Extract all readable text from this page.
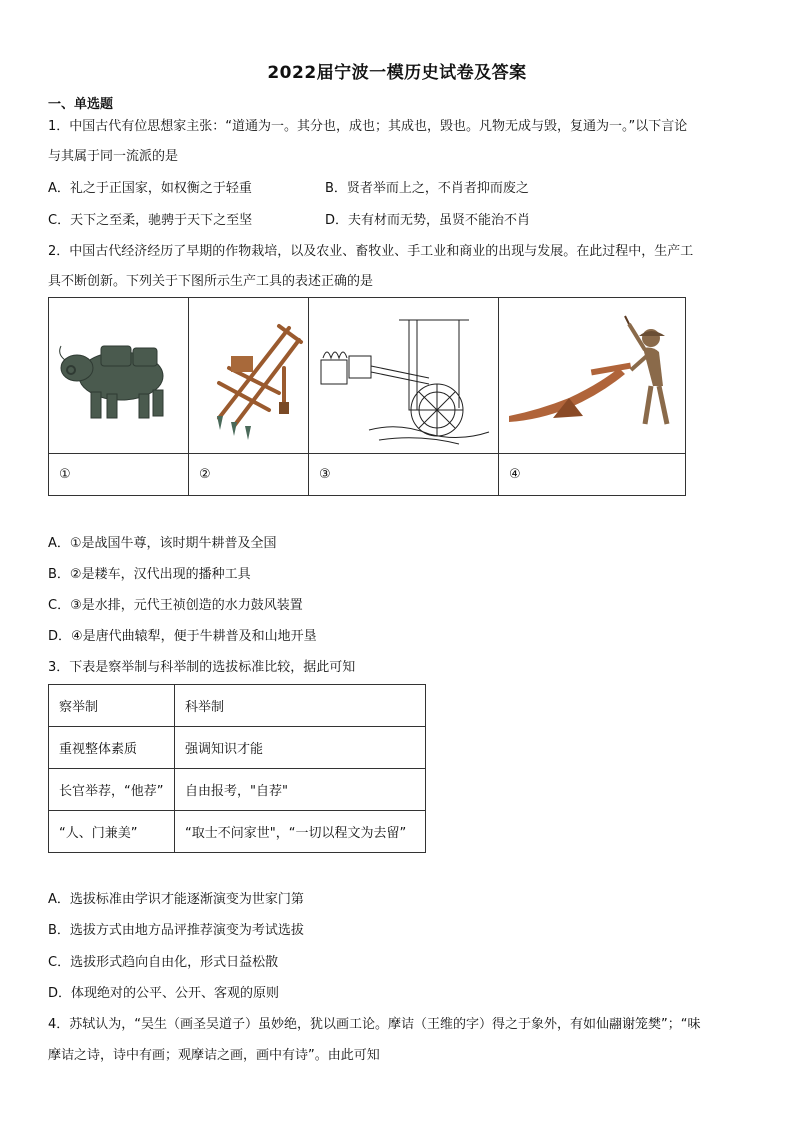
2022届宁波一模历史试卷及答案
一、单选题
1．中国古代有位思想家主张：“道通为一。其分也，成也；其成也，毁也。凡物无成与毁，复通为一。”以下言论
与其属于同一流派的是
A．礼之于正国家，如权衡之于轻重	B．贤者举而上之，不肖者抑而废之
C．天下之至柔，驰骋于天下之至坚	D．夫有材而无势，虽贤不能治不肖
2．中国古代经济经历了早期的作物栽培，以及农业、畜牧业、手工业和商业的出现与发展。在此过程中，生产工
具不断创新。下列关于下图所示生产工具的表述正确的是

①	②	③	④
A．①是战国牛尊，该时期牛耕普及全国
B．②是耧车，汉代出现的播种工具
C．③是水排，元代王祯创造的水力鼓风装置
D．④是唐代曲辕犁，便于牛耕普及和山地开垦
3．下表是察举制与科举制的选拔标准比较，据此可知
察举制	科举制
重视整体素质	强调知识才能
长官举荐，“他荐”	自由报考，"自荐"
“人、门兼美”	“取士不问家世"，“一切以程文为去留”
A．选拔标准由学识才能逐渐演变为世家门第
B．选拔方式由地方品评推荐演变为考试选拔
C．选拔形式趋向自由化，形式日益松散
D．体现绝对的公平、公开、客观的原则
4．苏轼认为，“吴生（画圣吴道子）虽妙绝，犹以画工论。摩诘（王维的字）得之于象外，有如仙翮谢笼樊”；“味
摩诘之诗，诗中有画；观摩诘之画，画中有诗”。由此可知
